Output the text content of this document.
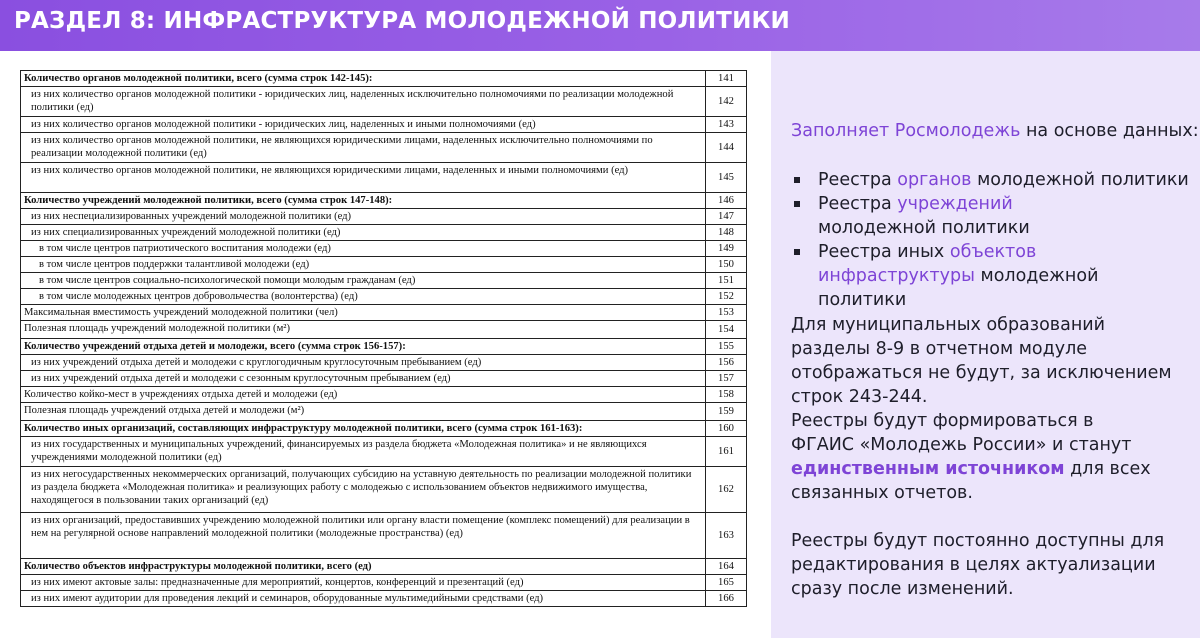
РАЗДЕЛ 8: ИНФРАСТРУКТУРА МОЛОДЕЖНОЙ ПОЛИТИКИ
Количество органов молодежной политики, всего (сумма строк 142-145):	141
из них количество органов молодежной политики - юридических лиц, наделенных исключительно полномочиями по реализации молодежной политики (ед)	142
из них количество органов молодежной политики - юридических лиц, наделенных и иными полномочиями (ед)	143
из них количество органов молодежной политики, не являющихся юридическими лицами, наделенных исключительно полномочиями по реализации молодежной политики (ед)	144
из них количество органов молодежной политики, не являющихся юридическими лицами, наделенных и иными полномочиями (ед)	145
Количество учреждений молодежной политики, всего (сумма строк 147-148):	146
из них неспециализированных учреждений молодежной политики (ед)	147
из них специализированных учреждений молодежной политики (ед)	148
в том числе центров патриотического воспитания молодежи (ед)	149
в том числе центров поддержки талантливой молодежи (ед)	150
в том числе центров социально-психологической помощи молодым гражданам (ед)	151
в том числе молодежных центров добровольчества (волонтерства) (ед)	152
Максимальная вместимость учреждений молодежной политики (чел)	153
Полезная площадь учреждений молодежной политики (м²)	154
Количество учреждений отдыха детей и молодежи, всего (сумма строк 156-157):	155
из них учреждений отдыха детей и молодежи с круглогодичным круглосуточным пребыванием (ед)	156
из них учреждений отдыха детей и молодежи с сезонным круглосуточным пребыванием (ед)	157
Количество койко-мест в учреждениях отдыха детей и молодежи (ед)	158
Полезная площадь учреждений отдыха детей и молодежи (м²)	159
Количество иных организаций, составляющих инфраструктуру молодежной политики, всего (сумма строк 161-163):	160
из них государственных и муниципальных учреждений, финансируемых из раздела бюджета «Молодежная политика» и не являющихся учреждениями молодежной политики (ед)	161
из них негосударственных некоммерческих организаций, получающих субсидию на уставную деятельность по реализации молодежной политики из раздела бюджета «Молодежная политика» и реализующих работу с молодежью с использованием объектов недвижимого имущества, находящегося в пользовании таких организаций (ед)	162
из них организаций, предоставивших учреждению молодежной политики или органу власти помещение (комплекс помещений) для реализации в нем на регулярной основе направлений молодежной политики (молодежные пространства) (ед)	163
Количество объектов инфраструктуры молодежной политики, всего (ед)	164
из них имеют актовые залы: предназначенные для мероприятий, концертов, конференций и презентаций (ед)	165
из них имеют аудитории для проведения лекций и семинаров, оборудованные мультимедийными средствами (ед)	166
Заполняет Росмолодежь на основе данных:
Реестра органов молодежной политики
Реестра учреждений молодежной политики
Реестра иных объектов инфраструктуры молодежной политики
Для муниципальных образований разделы 8-9 в отчетном модуле отображаться не будут, за исключением строк 243-244.
Реестры будут формироваться в ФГАИС «Молодежь России» и станут единственным источником для всех связанных отчетов.
Реестры будут постоянно доступны для редактирования в целях актуализации сразу после изменений.
